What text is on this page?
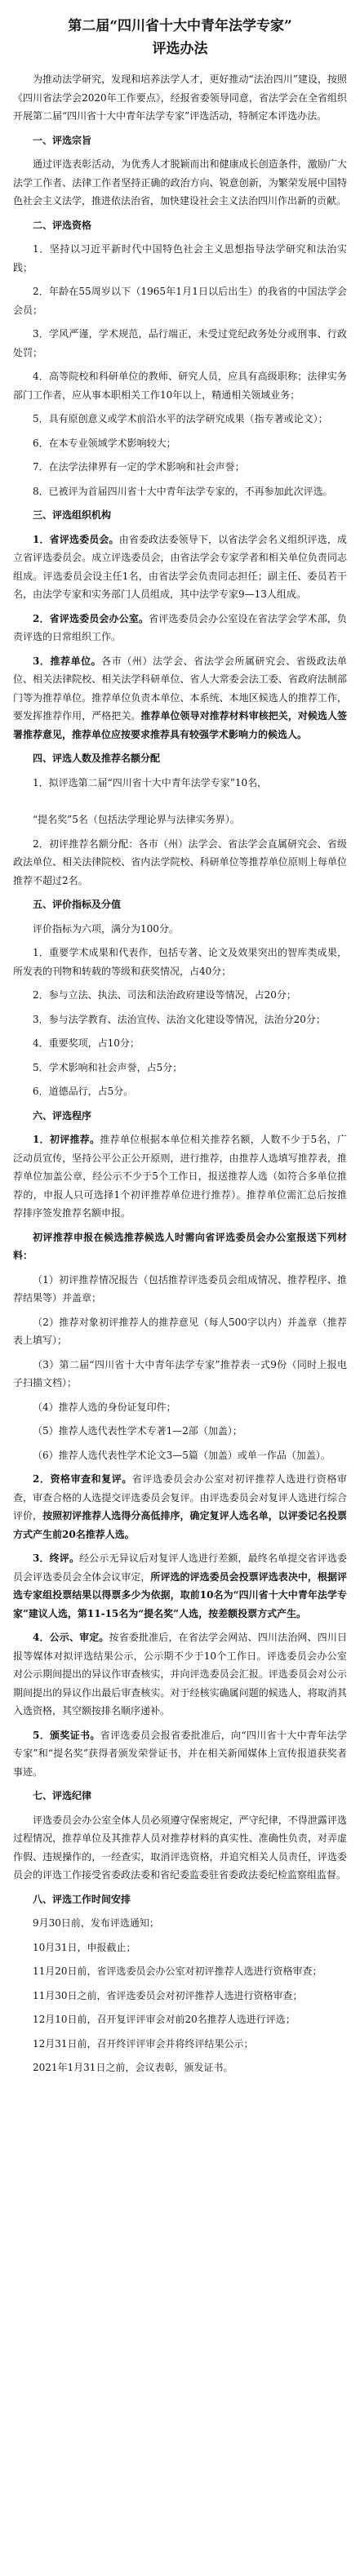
第二届“四川省十大中青年法学专家”
评选办法

为推动法学研究，发现和培养法学人才，更好推动“法治四川”建设，按照《四川省法学会2020年工作要点》，经报省委领导同意，省法学会在全省组织开展第二届“四川省十大中青年法学专家”评选活动，特制定本评选办法。

一、评选宗旨

通过评选表彰活动，为优秀人才脱颖而出和健康成长创造条件，激励广大法学工作者、法律工作者坚持正确的政治方向、锐意创新，为繁荣发展中国特色社会主义法学，推进依法治省，加快建设社会主义法治四川作出新的贡献。

二、评选资格

1．坚持以习近平新时代中国特色社会主义思想指导法学研究和法治实践；

2．年龄在55周岁以下（1965年1月1日以后出生）的我省的中国法学会会员；

3．学风严谨，学术规范，品行端正，未受过党纪政务处分或刑事、行政处罚；

4．高等院校和科研单位的教师、研究人员，应具有高级职称；法律实务部门工作者，应从事本职相关工作10年以上，精通相关领域业务；

5．具有原创意义或学术前沿水平的法学研究成果（指专著或论文）；

6．在本专业领域学术影响较大；

7．在法学法律界有一定的学术影响和社会声誉；

8．已被评为首届四川省十大中青年法学专家的，不再参加此次评选。

三、评选组织机构

1．省评选委员会。由省委政法委领导下，以省法学会名义组织评选，成立省评选委员会。成立评选委员会，由省法学会专家学者和相关单位负责同志组成。评选委员会设主任1名，由省法学会负责同志担任；副主任、委员若干名，由法学专家和实务部门人员组成，其中法学专家9—13人组成。

2．省评选委员会办公室。省评选委员会办公室设在省法学会学术部，负责评选的日常组织工作。

3．推荐单位。各市（州）法学会、省法学会所属研究会、省级政法单位、相关法律院校、相关法学科研单位、省人大常委会法工委、省政府法制部门等为推荐单位。推荐单位负责本单位、本系统、本地区候选人的推荐工作，要发挥推荐作用，严格把关。推荐单位领导对推荐材料审核把关，对候选人签署推荐意见，推荐单位应按要求推荐具有较强学术影响力的候选人。

四、评选人数及推荐名额分配

1．拟评选第二届“四川省十大中青年法学专家”10名，

“提名奖”5名（包括法学理论界与法律实务界）。

2．初评推荐名额分配：各市（州）法学会、省法学会直属研究会、省级政法单位、相关法律院校、省内法学院校、科研单位等推荐单位原则上每单位推荐不超过2名。

五、评价指标及分值

评价指标为六项，满分为100分。

1．重要学术成果和代表作，包括专著、论文及效果突出的智库类成果，所发表的刊物和转载的等级和获奖情况，占40分；

2．参与立法、执法、司法和法治政府建设等情况，占20分；

3．参与法学教育、法治宣传、法治文化建设等情况，法治分20分；

4．重要奖项，占10分；

5．学术影响和社会声誉，占5分；

6．道德品行，占5分。

六、评选程序

1．初评推荐。推荐单位根据本单位相关推荐名额，人数不少于5名，广泛动员宣传，坚持公平公正公开原则，进行推荐，由推荐人选填写推荐表，推荐单位加盖公章，经公示不少于5个工作日，报送推荐人选（如符合多单位推荐的，申报人只可选择1个初评推荐单位进行推荐）。推荐单位需汇总后按推荐排序签发推荐名额申报。

初评推荐申报在候选推荐候选人时需向省评选委员会办公室报送下列材料：

（1）初评推荐情况报告（包括推荐评选委员会组成情况、推荐程序、推荐结果等）并盖章；

（2）推荐对象初评推荐人的推荐意见（每人500字以内）并盖章（推荐表上填写）；

（3）第二届“四川省十大中青年法学专家”推荐表一式9份（同时上报电子扫描文档）；

（4）推荐人选的身份证复印件；

（5）推荐人选代表性学术专著1—2部（加盖）；

（6）推荐人选代表性学术论文3—5篇（加盖）或单一作品（加盖）。

2．资格审查和复评。省评选委员会办公室对初评推荐人选进行资格审查，审查合格的人选提交评选委员会复评。由评选委员会对复评人选进行综合评价，按照初评推荐人选得分高低排序，确定复评人选名单，以评委记名投票方式产生前20名推荐人选。

3．终评。经公示无异议后对复评人选进行差额，最终名单提交省评选委员会评选委员会全体会议审定，所评选的评选委员会投票评选表决中，根据评选专家组投票结果以得票多少为依据，取前10名为“四川省十大中青年法学专家”建议人选，第11-15名为“提名奖”人选，按差额投票方式产生。

4．公示、审定。按省委批准后，在省法学会网站、四川法治网、四川日报等媒体对拟评选结果公示，公示期不少于10个工作日。评选委员会办公室对公示期间提出的异议作审查核实，并向评选委员会汇报。评选委员会对公示期间提出的异议作出最后审查核实。对于经核实确属问题的候选人，将取消其入选资格，其空额按排名顺序递补。

5．颁奖证书。省评选委员会报省委批准后，向“四川省十大中青年法学专家”和“提名奖”获得者颁发荣誉证书，并在相关新闻媒体上宣传报道获奖者事迹。

七、评选纪律

评选委员会办公室全体人员必须遵守保密规定，严守纪律，不得泄露评选过程情况，推荐单位及其推荐人员对推荐材料的真实性、准确性负责，对弄虚作假、违规操作的，一经查实，取消评选资格，并追究相关人员责任，评选委员会的评选工作接受省委政法委和省纪委监委驻省委政法委纪检监察组监督。

八、评选工作时间安排

9月30日前，发布评选通知；

10月31日，申报截止；

11月20日前，省评选委员会办公室对初评推荐人选进行资格审查；

11月30日之前，省评选委员会对初评推荐人选进行资格审查；

12月10日前，召开复评评审会对前20名推荐人选进行评选；

12月31日前，召开终评评审会并将终评结果公示；

2021年1月31日之前，会议表彰，颁发证书。
